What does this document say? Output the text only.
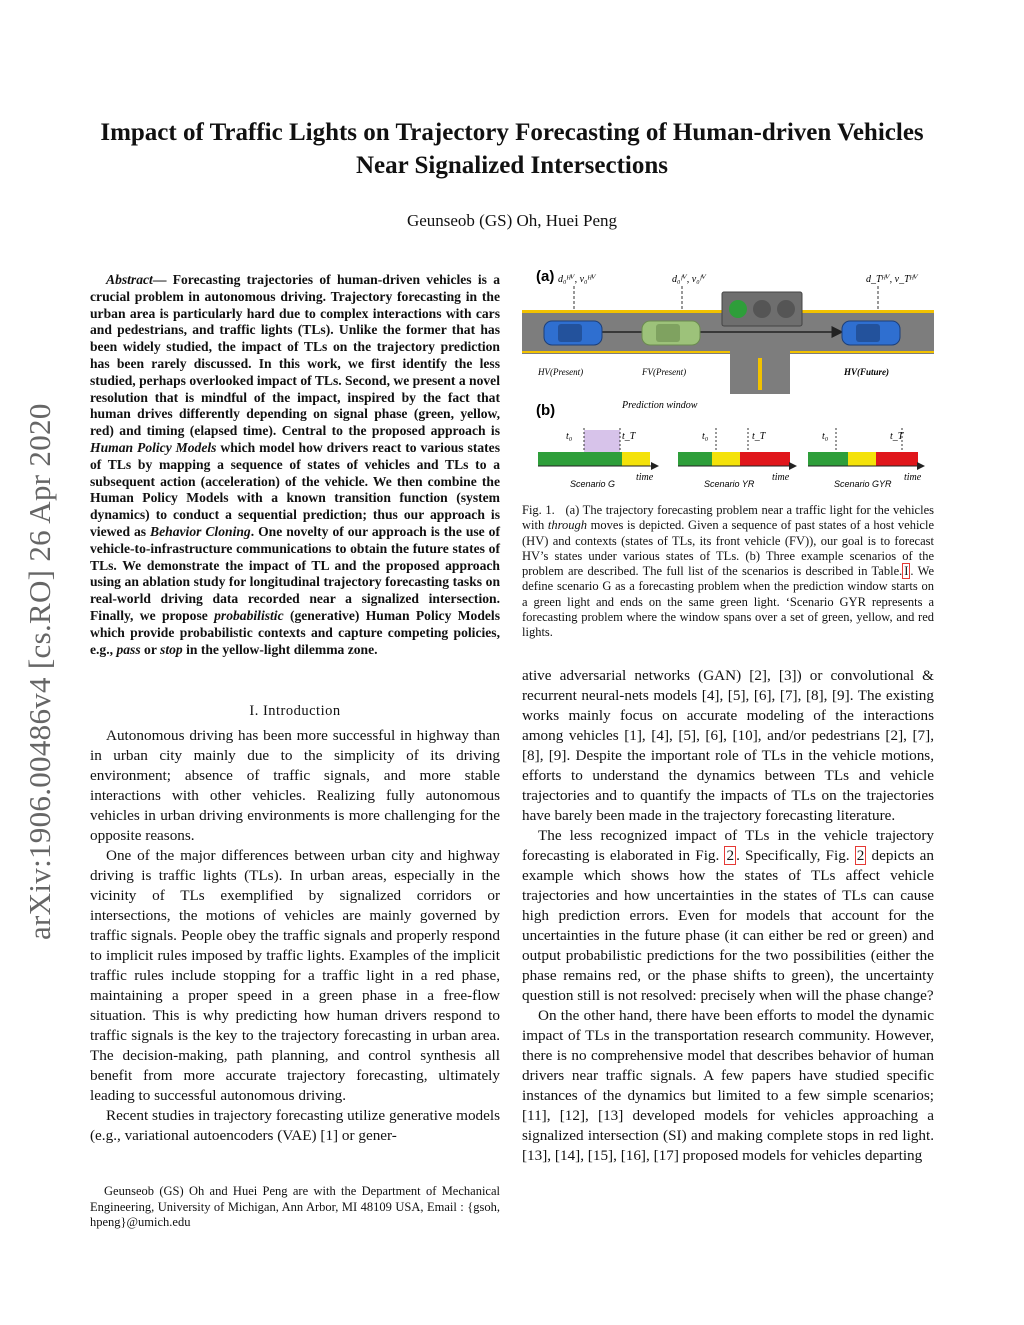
Impact of Traffic Lights on Trajectory Forecasting of Human-driven Vehicles Near Signalized Intersections
Geunseob (GS) Oh, Huei Peng
arXiv:1906.00486v4 [cs.RO] 26 Apr 2020
Abstract— Forecasting trajectories of human-driven vehicles is a crucial problem in autonomous driving. Trajectory forecasting in the urban area is particularly hard due to complex interactions with cars and pedestrians, and traffic lights (TLs). Unlike the former that has been widely studied, the impact of TLs on the trajectory prediction has been rarely discussed. In this work, we first identify the less studied, perhaps overlooked impact of TLs. Second, we present a novel resolution that is mindful of the impact, inspired by the fact that human drives differently depending on signal phase (green, yellow, red) and timing (elapsed time). Central to the proposed approach is Human Policy Models which model how drivers react to various states of TLs by mapping a sequence of states of vehicles and TLs to a subsequent action (acceleration) of the vehicle. We then combine the Human Policy Models with a known transition function (system dynamics) to conduct a sequential prediction; thus our approach is viewed as Behavior Cloning. One novelty of our approach is the use of vehicle-to-infrastructure communications to obtain the future states of TLs. We demonstrate the impact of TL and the proposed approach using an ablation study for longitudinal trajectory forecasting tasks on real-world driving data recorded near a signalized intersection. Finally, we propose probabilistic (generative) Human Policy Models which provide probabilistic contexts and capture competing policies, e.g., pass or stop in the yellow-light dilemma zone.
I. Introduction

Autonomous driving has been more successful in highway than in urban city mainly due to the simplicity of its driving environment; absence of traffic signals, and more stable interactions with other vehicles. Realizing fully autonomous vehicles in urban driving environments is more challenging for the opposite reasons.

One of the major differences between urban city and highway driving is traffic lights (TLs). In urban areas, especially in the vicinity of TLs exemplified by signalized corridors or intersections, the motions of vehicles are mainly governed by traffic signals. People obey the traffic signals and properly respond to implicit rules imposed by traffic lights. Examples of the implicit traffic rules include stopping for a traffic light in a red phase, maintaining a proper speed in a green phase in a free-flow situation. This is why predicting how human drivers respond to traffic signals is the key to the trajectory forecasting in urban area. The decision-making, path planning, and control synthesis all benefit from more accurate trajectory forecasting, ultimately leading to successful autonomous driving.

Recent studies in trajectory forecasting utilize generative models (e.g., variational autoencoders (VAE) [1] or gener-

Geunseob (GS) Oh and Huei Peng are with the Department of Mechanical Engineering, University of Michigan, Ann Arbor, MI 48109 USA, Email : {gsoh, hpeng}@umich.edu

(a) d₀ᴴⱽ, v₀ᴴⱽ	d₀ᶠⱽ, v₀ᶠⱽ	d_Tᴴⱽ, v_Tᴴⱽ
HV(Present)	FV(Present)	HV(Future)
(b)	Prediction window
t₀	t_T
time
Scenario G
t₀	t_T
time
Scenario YR
t₀	t_T
time
Scenario GYR
Fig. 1. (a) The trajectory forecasting problem near a traffic light for the vehicles with through moves is depicted. Given a sequence of past states of a host vehicle (HV) and contexts (states of TLs, its front vehicle (FV)), our goal is to forecast HV’s states under various states of TLs. (b) Three example scenarios of the problem are described. The full list of the scenarios is described in Table. I . We define scenario G as a forecasting problem when the prediction window starts on a green light and ends on the same green light. ‘Scenario GYR represents a forecasting problem where the window spans over a set of green, yellow, and red lights.

ative adversarial networks (GAN) [2], [3]) or convolutional & recurrent neural-nets models [4], [5], [6], [7], [8], [9]. The existing works mainly focus on accurate modeling of the interactions among vehicles [1], [4], [5], [6], [10], and/or pedestrians [2], [7], [8], [9]. Despite the important role of TLs in the vehicle motions, efforts to understand the dynamics between TLs and vehicle trajectories and to quantify the impacts of TLs on the trajectories have barely been made in the trajectory forecasting literature.

The less recognized impact of TLs in the vehicle trajectory forecasting is elaborated in Fig. 2 . Specifically, Fig. 2 depicts an example which shows how the states of TLs affect vehicle trajectories and how uncertainties in the states of TLs can cause high prediction errors. Even for models that account for the uncertainties in the future phase (it can either be red or green) and output probabilistic predictions for the two possibilities (either the phase remains red, or the phase shifts to green), the uncertainty question still is not resolved: precisely when will the phase change?

On the other hand, there have been efforts to model the dynamic impact of TLs in the transportation research community. However, there is no comprehensive model that describes behavior of human drivers near traffic signals. A few papers have studied specific instances of the dynamics but limited to a few simple scenarios; [11], [12], [13] developed models for vehicles approaching a signalized intersection (SI) and making complete stops in red light. [13], [14], [15], [16], [17] proposed models for vehicles departing
